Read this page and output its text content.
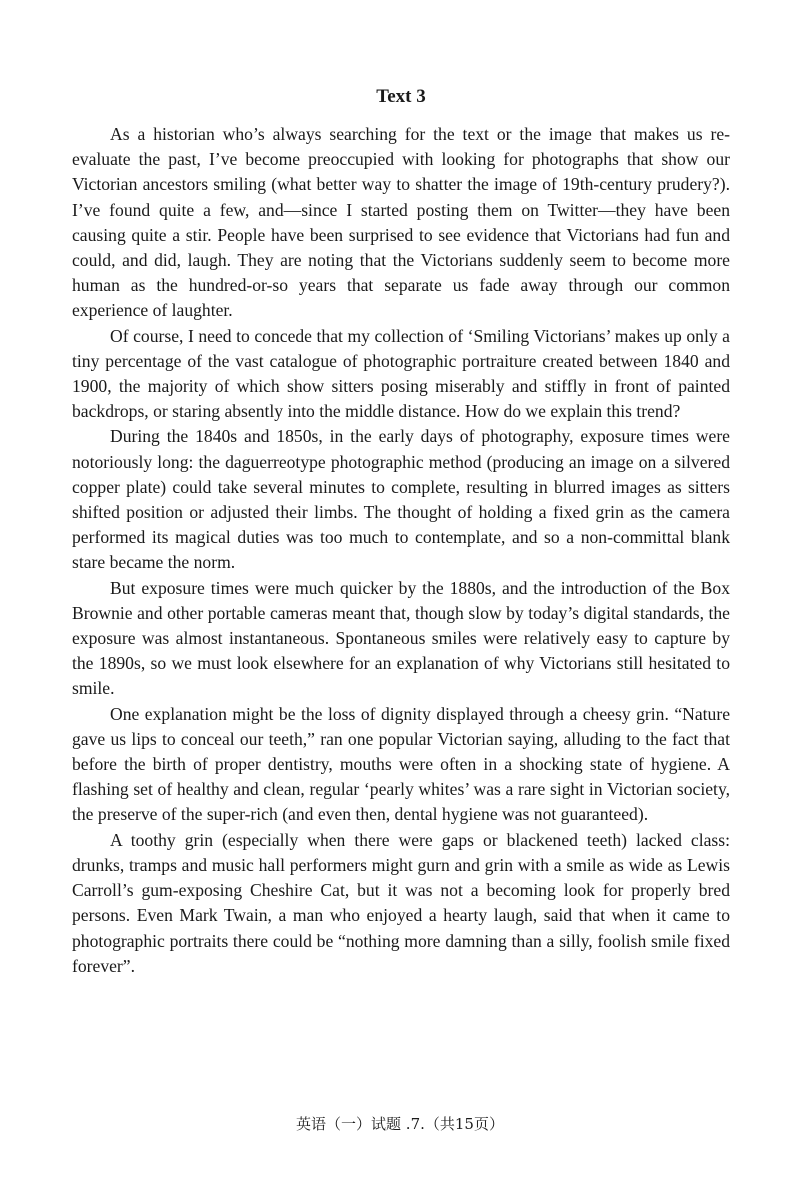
Text 3

As a historian who’s always searching for the text or the image that makes us re-evaluate the past, I’ve become preoccupied with looking for photographs that show our Victorian ancestors smiling (what better way to shatter the image of 19th-century prudery?). I’ve found quite a few, and—since I started posting them on Twitter—they have been causing quite a stir. People have been surprised to see evidence that Victorians had fun and could, and did, laugh. They are noting that the Victorians suddenly seem to become more human as the hundred-or-so years that separate us fade away through our common experience of laughter.

Of course, I need to concede that my collection of ‘Smiling Victorians’ makes up only a tiny percentage of the vast catalogue of photographic portraiture created between 1840 and 1900, the majority of which show sitters posing miserably and stiffly in front of painted backdrops, or staring absently into the middle distance. How do we explain this trend?

During the 1840s and 1850s, in the early days of photography, exposure times were notoriously long: the daguerreotype photographic method (producing an image on a silvered copper plate) could take several minutes to complete, resulting in blurred images as sitters shifted position or adjusted their limbs. The thought of holding a fixed grin as the camera performed its magical duties was too much to contemplate, and so a non-committal blank stare became the norm.

But exposure times were much quicker by the 1880s, and the introduction of the Box Brownie and other portable cameras meant that, though slow by today’s digital standards, the exposure was almost instantaneous. Spontaneous smiles were relatively easy to capture by the 1890s, so we must look elsewhere for an explanation of why Victorians still hesitated to smile.

One explanation might be the loss of dignity displayed through a cheesy grin. “Nature gave us lips to conceal our teeth,” ran one popular Victorian saying, alluding to the fact that before the birth of proper dentistry, mouths were often in a shocking state of hygiene. A flashing set of healthy and clean, regular ‘pearly whites’ was a rare sight in Victorian society, the preserve of the super-rich (and even then, dental hygiene was not guaranteed).

A toothy grin (especially when there were gaps or blackened teeth) lacked class: drunks, tramps and music hall performers might gurn and grin with a smile as wide as Lewis Carroll’s gum-exposing Cheshire Cat, but it was not a becoming look for properly bred persons. Even Mark Twain, a man who enjoyed a hearty laugh, said that when it came to photographic portraits there could be “nothing more damning than a silly, foolish smile fixed forever”.

英语（一）试题 .7.（共15页）
